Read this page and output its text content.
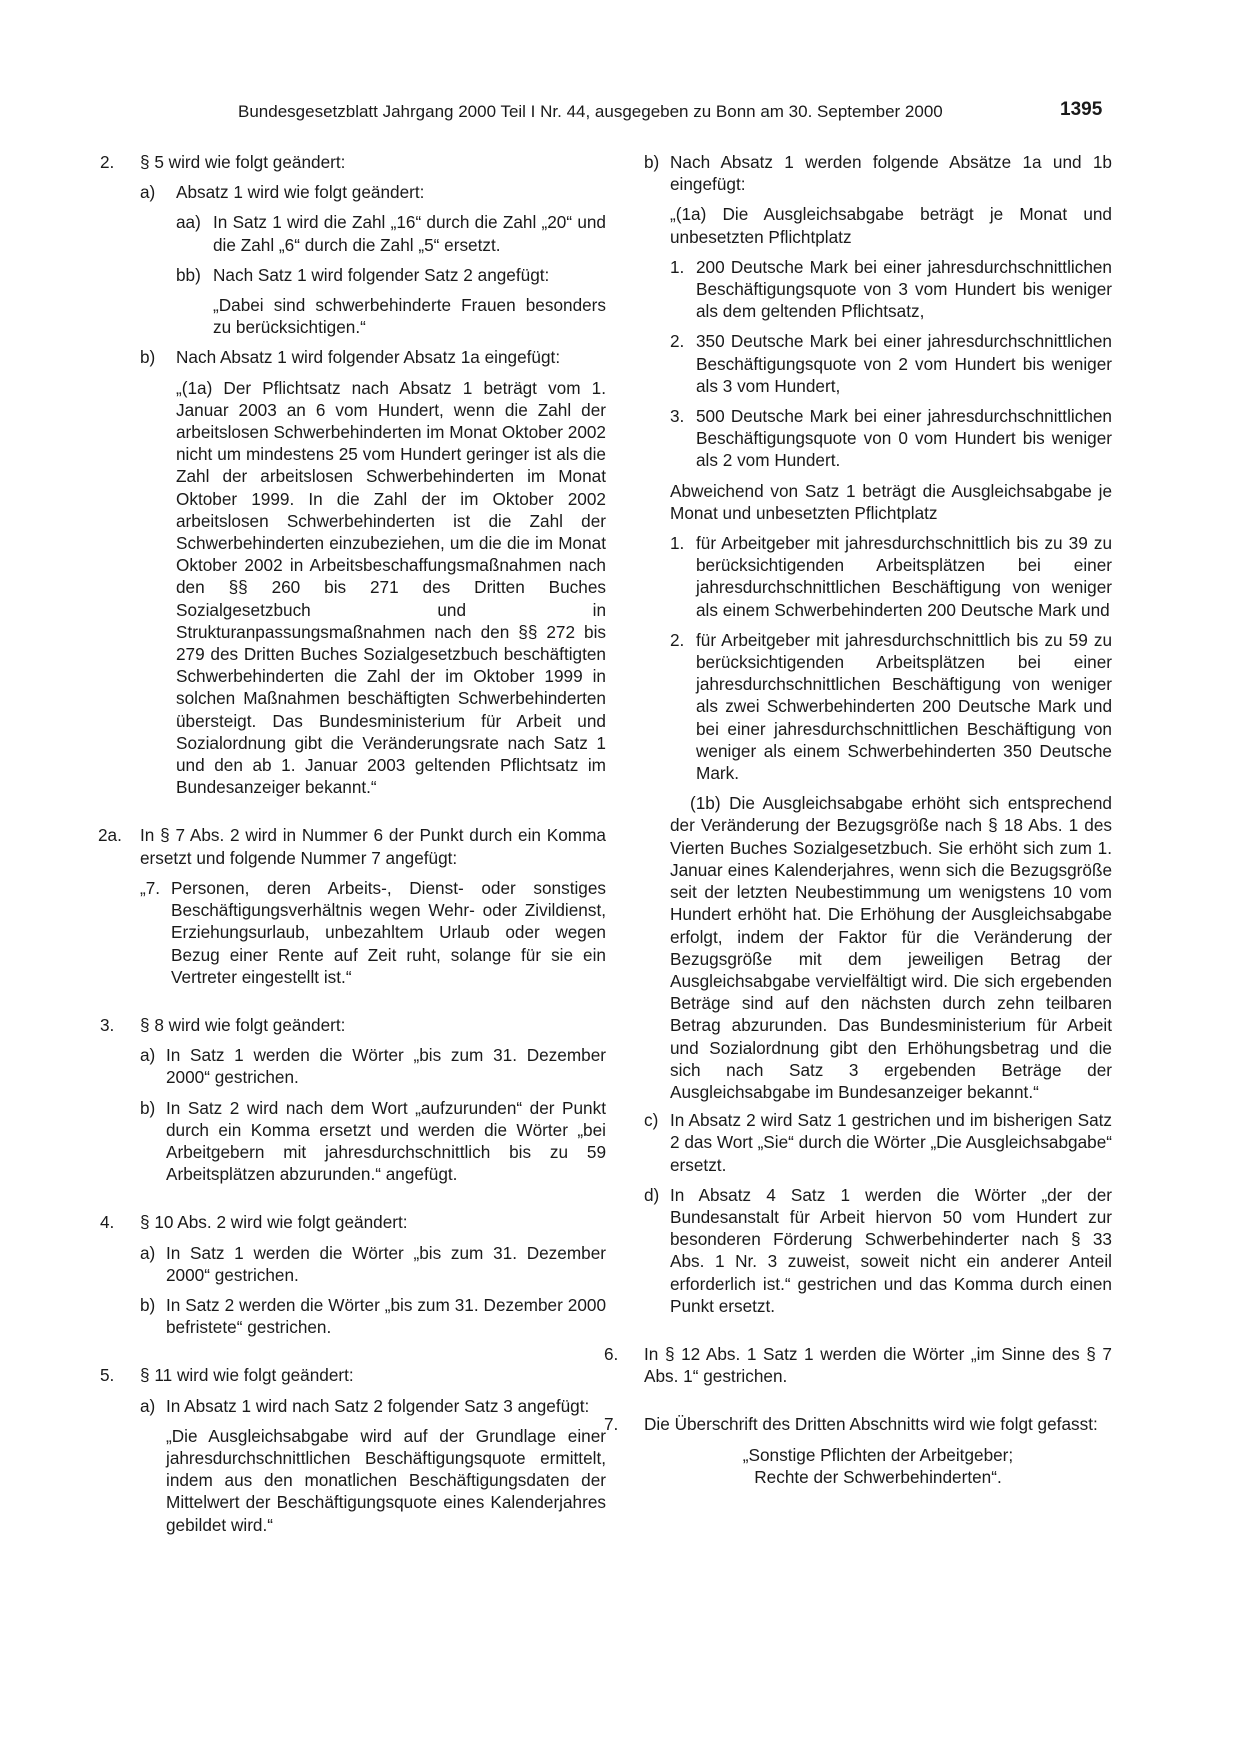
Bundesgesetzblatt Jahrgang 2000 Teil I Nr. 44, ausgegeben zu Bonn am 30. September 2000	1395
2. § 5 wird wie folgt geändert:
a) Absatz 1 wird wie folgt geändert:
aa) In Satz 1 wird die Zahl „16“ durch die Zahl „20“ und die Zahl „6“ durch die Zahl „5“ ersetzt.
bb) Nach Satz 1 wird folgender Satz 2 angefügt:
„Dabei sind schwerbehinderte Frauen besonders zu berücksichtigen.“
b) Nach Absatz 1 wird folgender Absatz 1a eingefügt:
„(1a) Der Pflichtsatz nach Absatz 1 beträgt vom 1. Januar 2003 an 6 vom Hundert, wenn die Zahl der arbeitslosen Schwerbehinderten im Monat Oktober 2002 nicht um mindestens 25 vom Hundert geringer ist als die Zahl der arbeitslosen Schwerbehinderten im Monat Oktober 1999. In die Zahl der im Oktober 2002 arbeitslosen Schwerbehinderten ist die Zahl der Schwerbehinderten einzubeziehen, um die die im Monat Oktober 2002 in Arbeitsbeschaffungsmaßnahmen nach den §§ 260 bis 271 des Dritten Buches Sozialgesetzbuch und in Strukturanpassungsmaßnahmen nach den §§ 272 bis 279 des Dritten Buches Sozialgesetzbuch beschäftigten Schwerbehinderten die Zahl der im Oktober 1999 in solchen Maßnahmen beschäftigten Schwerbehinderten übersteigt. Das Bundesministerium für Arbeit und Sozialordnung gibt die Veränderungsrate nach Satz 1 und den ab 1. Januar 2003 geltenden Pflichtsatz im Bundesanzeiger bekannt.“
2a. In § 7 Abs. 2 wird in Nummer 6 der Punkt durch ein Komma ersetzt und folgende Nummer 7 angefügt:
„7. Personen, deren Arbeits-, Dienst- oder sonstiges Beschäftigungsverhältnis wegen Wehr- oder Zivildienst, Erziehungsurlaub, unbezahltem Urlaub oder wegen Bezug einer Rente auf Zeit ruht, solange für sie ein Vertreter eingestellt ist.“
3. § 8 wird wie folgt geändert:
a) In Satz 1 werden die Wörter „bis zum 31. Dezember 2000“ gestrichen.
b) In Satz 2 wird nach dem Wort „aufzurunden“ der Punkt durch ein Komma ersetzt und werden die Wörter „bei Arbeitgebern mit jahresdurchschnittlich bis zu 59 Arbeitsplätzen abzurunden.“ angefügt.
4. § 10 Abs. 2 wird wie folgt geändert:
a) In Satz 1 werden die Wörter „bis zum 31. Dezember 2000“ gestrichen.
b) In Satz 2 werden die Wörter „bis zum 31. Dezember 2000 befristete“ gestrichen.
5. § 11 wird wie folgt geändert:
a) In Absatz 1 wird nach Satz 2 folgender Satz 3 angefügt:
„Die Ausgleichsabgabe wird auf der Grundlage einer jahresdurchschnittlichen Beschäftigungsquote ermittelt, indem aus den monatlichen Beschäftigungsdaten der Mittelwert der Beschäftigungsquote eines Kalenderjahres gebildet wird.“
b) Nach Absatz 1 werden folgende Absätze 1a und 1b eingefügt:
„(1a) Die Ausgleichsabgabe beträgt je Monat und unbesetzten Pflichtplatz
1. 200 Deutsche Mark bei einer jahresdurchschnittlichen Beschäftigungsquote von 3 vom Hundert bis weniger als dem geltenden Pflichtsatz,
2. 350 Deutsche Mark bei einer jahresdurchschnittlichen Beschäftigungsquote von 2 vom Hundert bis weniger als 3 vom Hundert,
3. 500 Deutsche Mark bei einer jahresdurchschnittlichen Beschäftigungsquote von 0 vom Hundert bis weniger als 2 vom Hundert.
Abweichend von Satz 1 beträgt die Ausgleichsabgabe je Monat und unbesetzten Pflichtplatz
1. für Arbeitgeber mit jahresdurchschnittlich bis zu 39 zu berücksichtigenden Arbeitsplätzen bei einer jahresdurchschnittlichen Beschäftigung von weniger als einem Schwerbehinderten 200 Deutsche Mark und
2. für Arbeitgeber mit jahresdurchschnittlich bis zu 59 zu berücksichtigenden Arbeitsplätzen bei einer jahresdurchschnittlichen Beschäftigung von weniger als zwei Schwerbehinderten 200 Deutsche Mark und bei einer jahresdurchschnittlichen Beschäftigung von weniger als einem Schwerbehinderten 350 Deutsche Mark.
(1b) Die Ausgleichsabgabe erhöht sich entsprechend der Veränderung der Bezugsgröße nach § 18 Abs. 1 des Vierten Buches Sozialgesetzbuch. Sie erhöht sich zum 1. Januar eines Kalenderjahres, wenn sich die Bezugsgröße seit der letzten Neubestimmung um wenigstens 10 vom Hundert erhöht hat. Die Erhöhung der Ausgleichsabgabe erfolgt, indem der Faktor für die Veränderung der Bezugsgröße mit dem jeweiligen Betrag der Ausgleichsabgabe vervielfältigt wird. Die sich ergebenden Beträge sind auf den nächsten durch zehn teilbaren Betrag abzurunden. Das Bundesministerium für Arbeit und Sozialordnung gibt den Erhöhungsbetrag und die sich nach Satz 3 ergebenden Beträge der Ausgleichsabgabe im Bundesanzeiger bekannt.“
c) In Absatz 2 wird Satz 1 gestrichen und im bisherigen Satz 2 das Wort „Sie“ durch die Wörter „Die Ausgleichsabgabe“ ersetzt.
d) In Absatz 4 Satz 1 werden die Wörter „der der Bundesanstalt für Arbeit hiervon 50 vom Hundert zur besonderen Förderung Schwerbehinderter nach § 33 Abs. 1 Nr. 3 zuweist, soweit nicht ein anderer Anteil erforderlich ist.“ gestrichen und das Komma durch einen Punkt ersetzt.
6. In § 12 Abs. 1 Satz 1 werden die Wörter „im Sinne des § 7 Abs. 1“ gestrichen.
7. Die Überschrift des Dritten Abschnitts wird wie folgt gefasst:
„Sonstige Pflichten der Arbeitgeber;
Rechte der Schwerbehinderten“.
